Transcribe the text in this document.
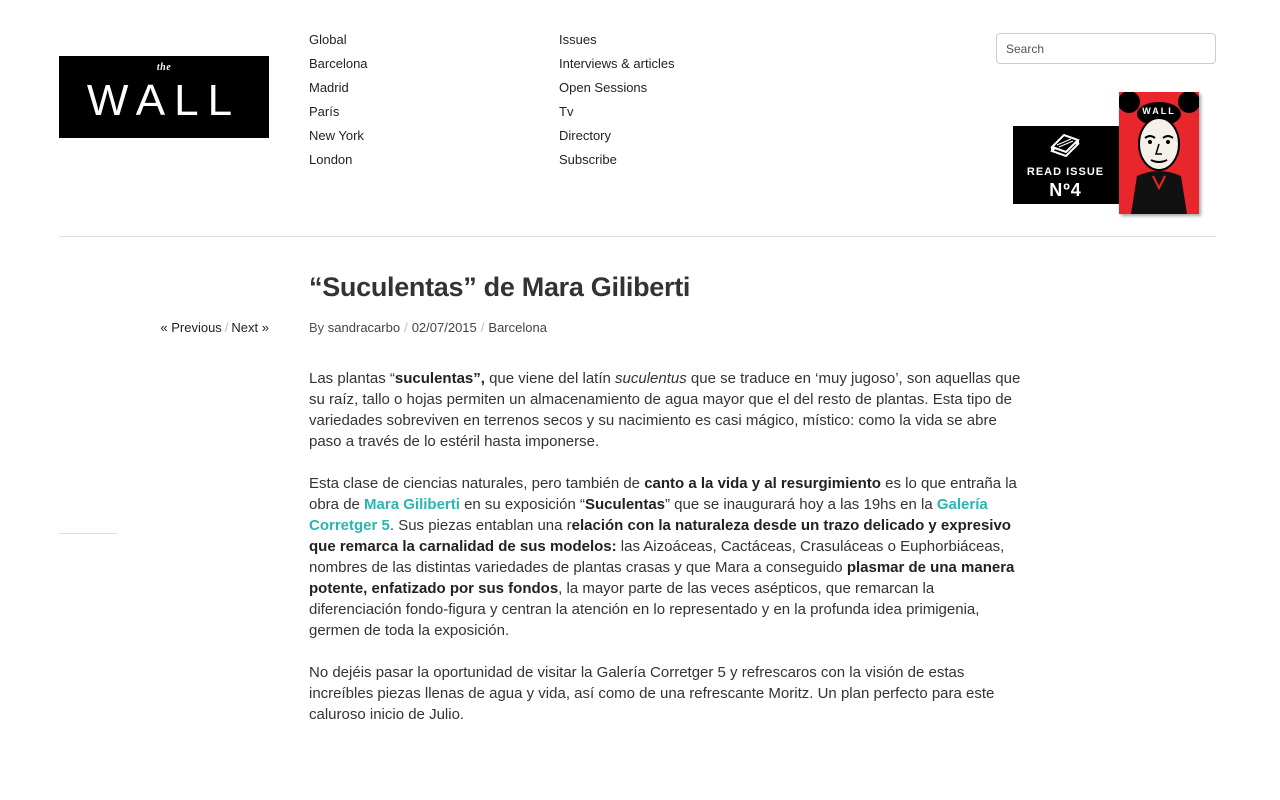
the
WALL
Global
Barcelona
Madrid
París
New York
London
Issues
Interviews & articles
Open Sessions
Tv
Directory
Subscribe
Search
READ ISSUE
Nº4
WALL
« Previous / Next »
“Suculentas” de Mara Giliberti
By sandracarbo / 02/07/2015 / Barcelona

Las plantas “suculentas”, que viene del latín suculentus que se traduce en ‘muy jugoso’, son aquellas que su raíz, tallo o hojas permiten un almacenamiento de agua mayor que el del resto de plantas. Esta tipo de variedades sobreviven en terrenos secos y su nacimiento es casi mágico, místico: como la vida se abre paso a través de lo estéril hasta imponerse.

Esta clase de ciencias naturales, pero también de canto a la vida y al resurgimiento es lo que entraña la obra de Mara Giliberti en su exposición “Suculentas” que se inaugurará hoy a las 19hs en la Galería Corretger 5. Sus piezas entablan una relación con la naturaleza desde un trazo delicado y expresivo que remarca la carnalidad de sus modelos: las Aizoáceas, Cactáceas, Crasuláceas o Euphorbiáceas, nombres de las distintas variedades de plantas crasas y que Mara a conseguido plasmar de una manera potente, enfatizado por sus fondos, la mayor parte de las veces asépticos, que remarcan la diferenciación fondo-figura y centran la atención en lo representado y en la profunda idea primigenia, germen de toda la exposición.

No dejéis pasar la oportunidad de visitar la Galería Corretger 5 y refrescaros con la visión de estas increíbles piezas llenas de agua y vida, así como de una refrescante Moritz. Un plan perfecto para este caluroso inicio de Julio.
